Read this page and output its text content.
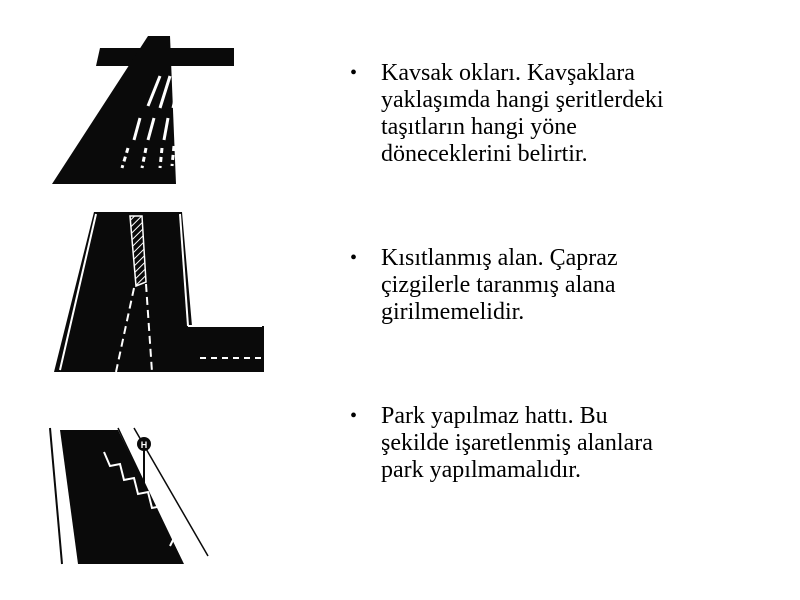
H
• Kavsak okları. Kavşaklara yaklaşımda hangi şeritlerdeki taşıtların hangi yöne döneceklerini belirtir.
• Kısıtlanmış alan. Çapraz çizgilerle taranmış alana girilmemelidir.
• Park yapılmaz hattı. Bu şekilde işaretlenmiş alanlara park yapılmamalıdır.
